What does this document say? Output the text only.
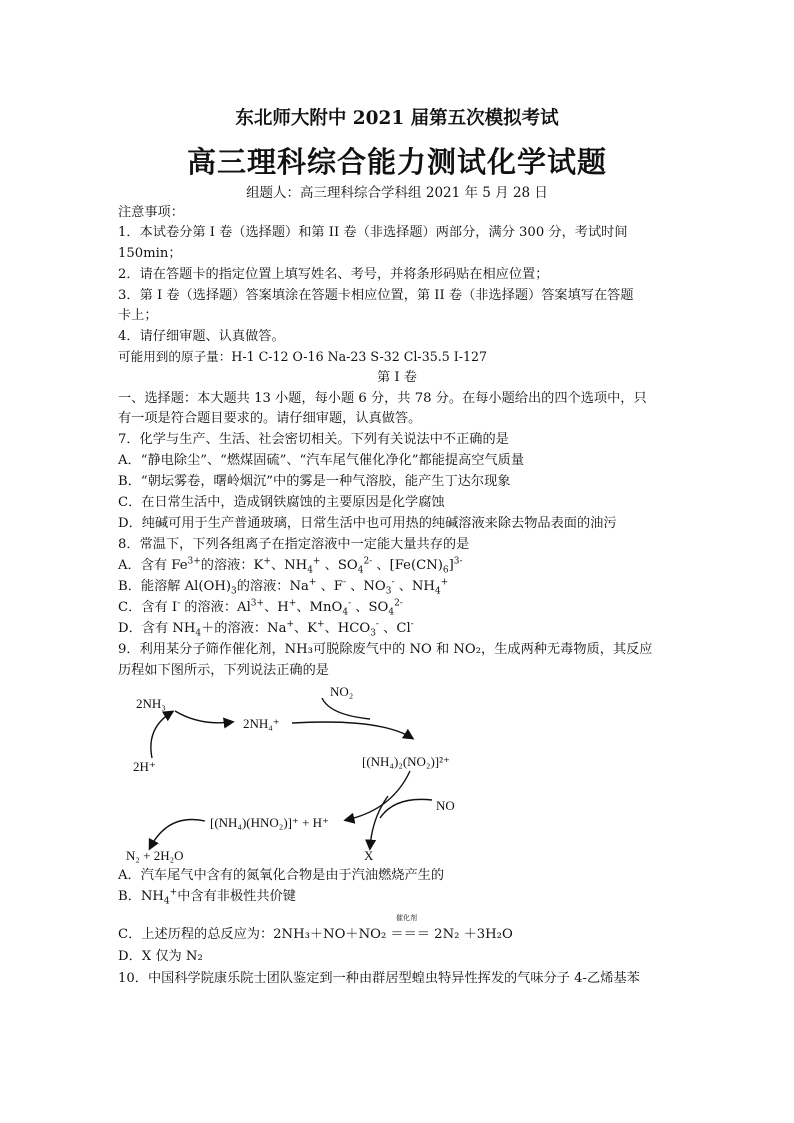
东北师大附中 2021 届第五次模拟考试
高三理科综合能力测试化学试题
组题人：高三理科综合学科组 2021 年 5 月 28 日
注意事项：
1．本试卷分第 I 卷（选择题）和第 II 卷（非选择题）两部分，满分 300 分，考试时间
150min；
2．请在答题卡的指定位置上填写姓名、考号，并将条形码贴在相应位置；
3．第 I 卷（选择题）答案填涂在答题卡相应位置，第 II 卷（非选择题）答案填写在答题
卡上；
4．请仔细审题、认真做答。
可能用到的原子量：H-1 C-12 O-16 Na-23 S-32 Cl-35.5 I-127
第 I 卷
一、选择题：本大题共 13 小题，每小题 6 分，共 78 分。在每小题给出的四个选项中，只
有一项是符合题目要求的。请仔细审题，认真做答。
7．化学与生产、生活、社会密切相关。下列有关说法中不正确的是
A．“静电除尘”、“燃煤固硫”、“汽车尾气催化净化”都能提高空气质量
B．“朝坛雾卷，曙岭烟沉”中的雾是一种气溶胶，能产生丁达尔现象
C．在日常生活中，造成钢铁腐蚀的主要原因是化学腐蚀
D．纯碱可用于生产普通玻璃，日常生活中也可用热的纯碱溶液来除去物品表面的油污
8．常温下，下列各组离子在指定溶液中一定能大量共存的是
A．含有 $Fe^{3+}$的溶液：K+、$NH_4^+$ 、$SO_4^{2-}$ 、$[Fe(CN)_6]^{3-}$
B．能溶解 $Al(OH)_3$的溶液：Na+ 、F- 、$NO_3^-$ 、$NH_4^+$
C．含有 I- 的溶液：$Al^{3+}$、H+、MnO$_4$- 、$SO_4^{2-}$
D．含有 $NH_4+$的溶液：Na+、K+、$HCO_3^-$ 、Cl-
9．利用某分子筛作催化剂，NH₃可脱除废气中的 NO 和 NO₂，生成两种无毒物质，其反应
历程如下图所示，下列说法正确的是
2NH₃
2NH₄⁺
2H⁺
NO₂
[(NH₄)₂(NO₂)]²⁺
NO
[(NH₄)(HNO₂)]⁺ + H⁺
N₂ + 2H₂O	X
A．汽车尾气中含有的氮氧化合物是由于汽油燃烧产生的
B．$NH_4^+$中含有非极性共价键
催化剂
C．上述历程的总反应为：2NH₃＋NO＋NO₂ ＝＝＝ 2N₂ ＋3H₂O
D．X 仅为 N₂
10．中国科学院康乐院士团队鉴定到一种由群居型蝗虫特异性挥发的气味分子 4-乙烯基苯
